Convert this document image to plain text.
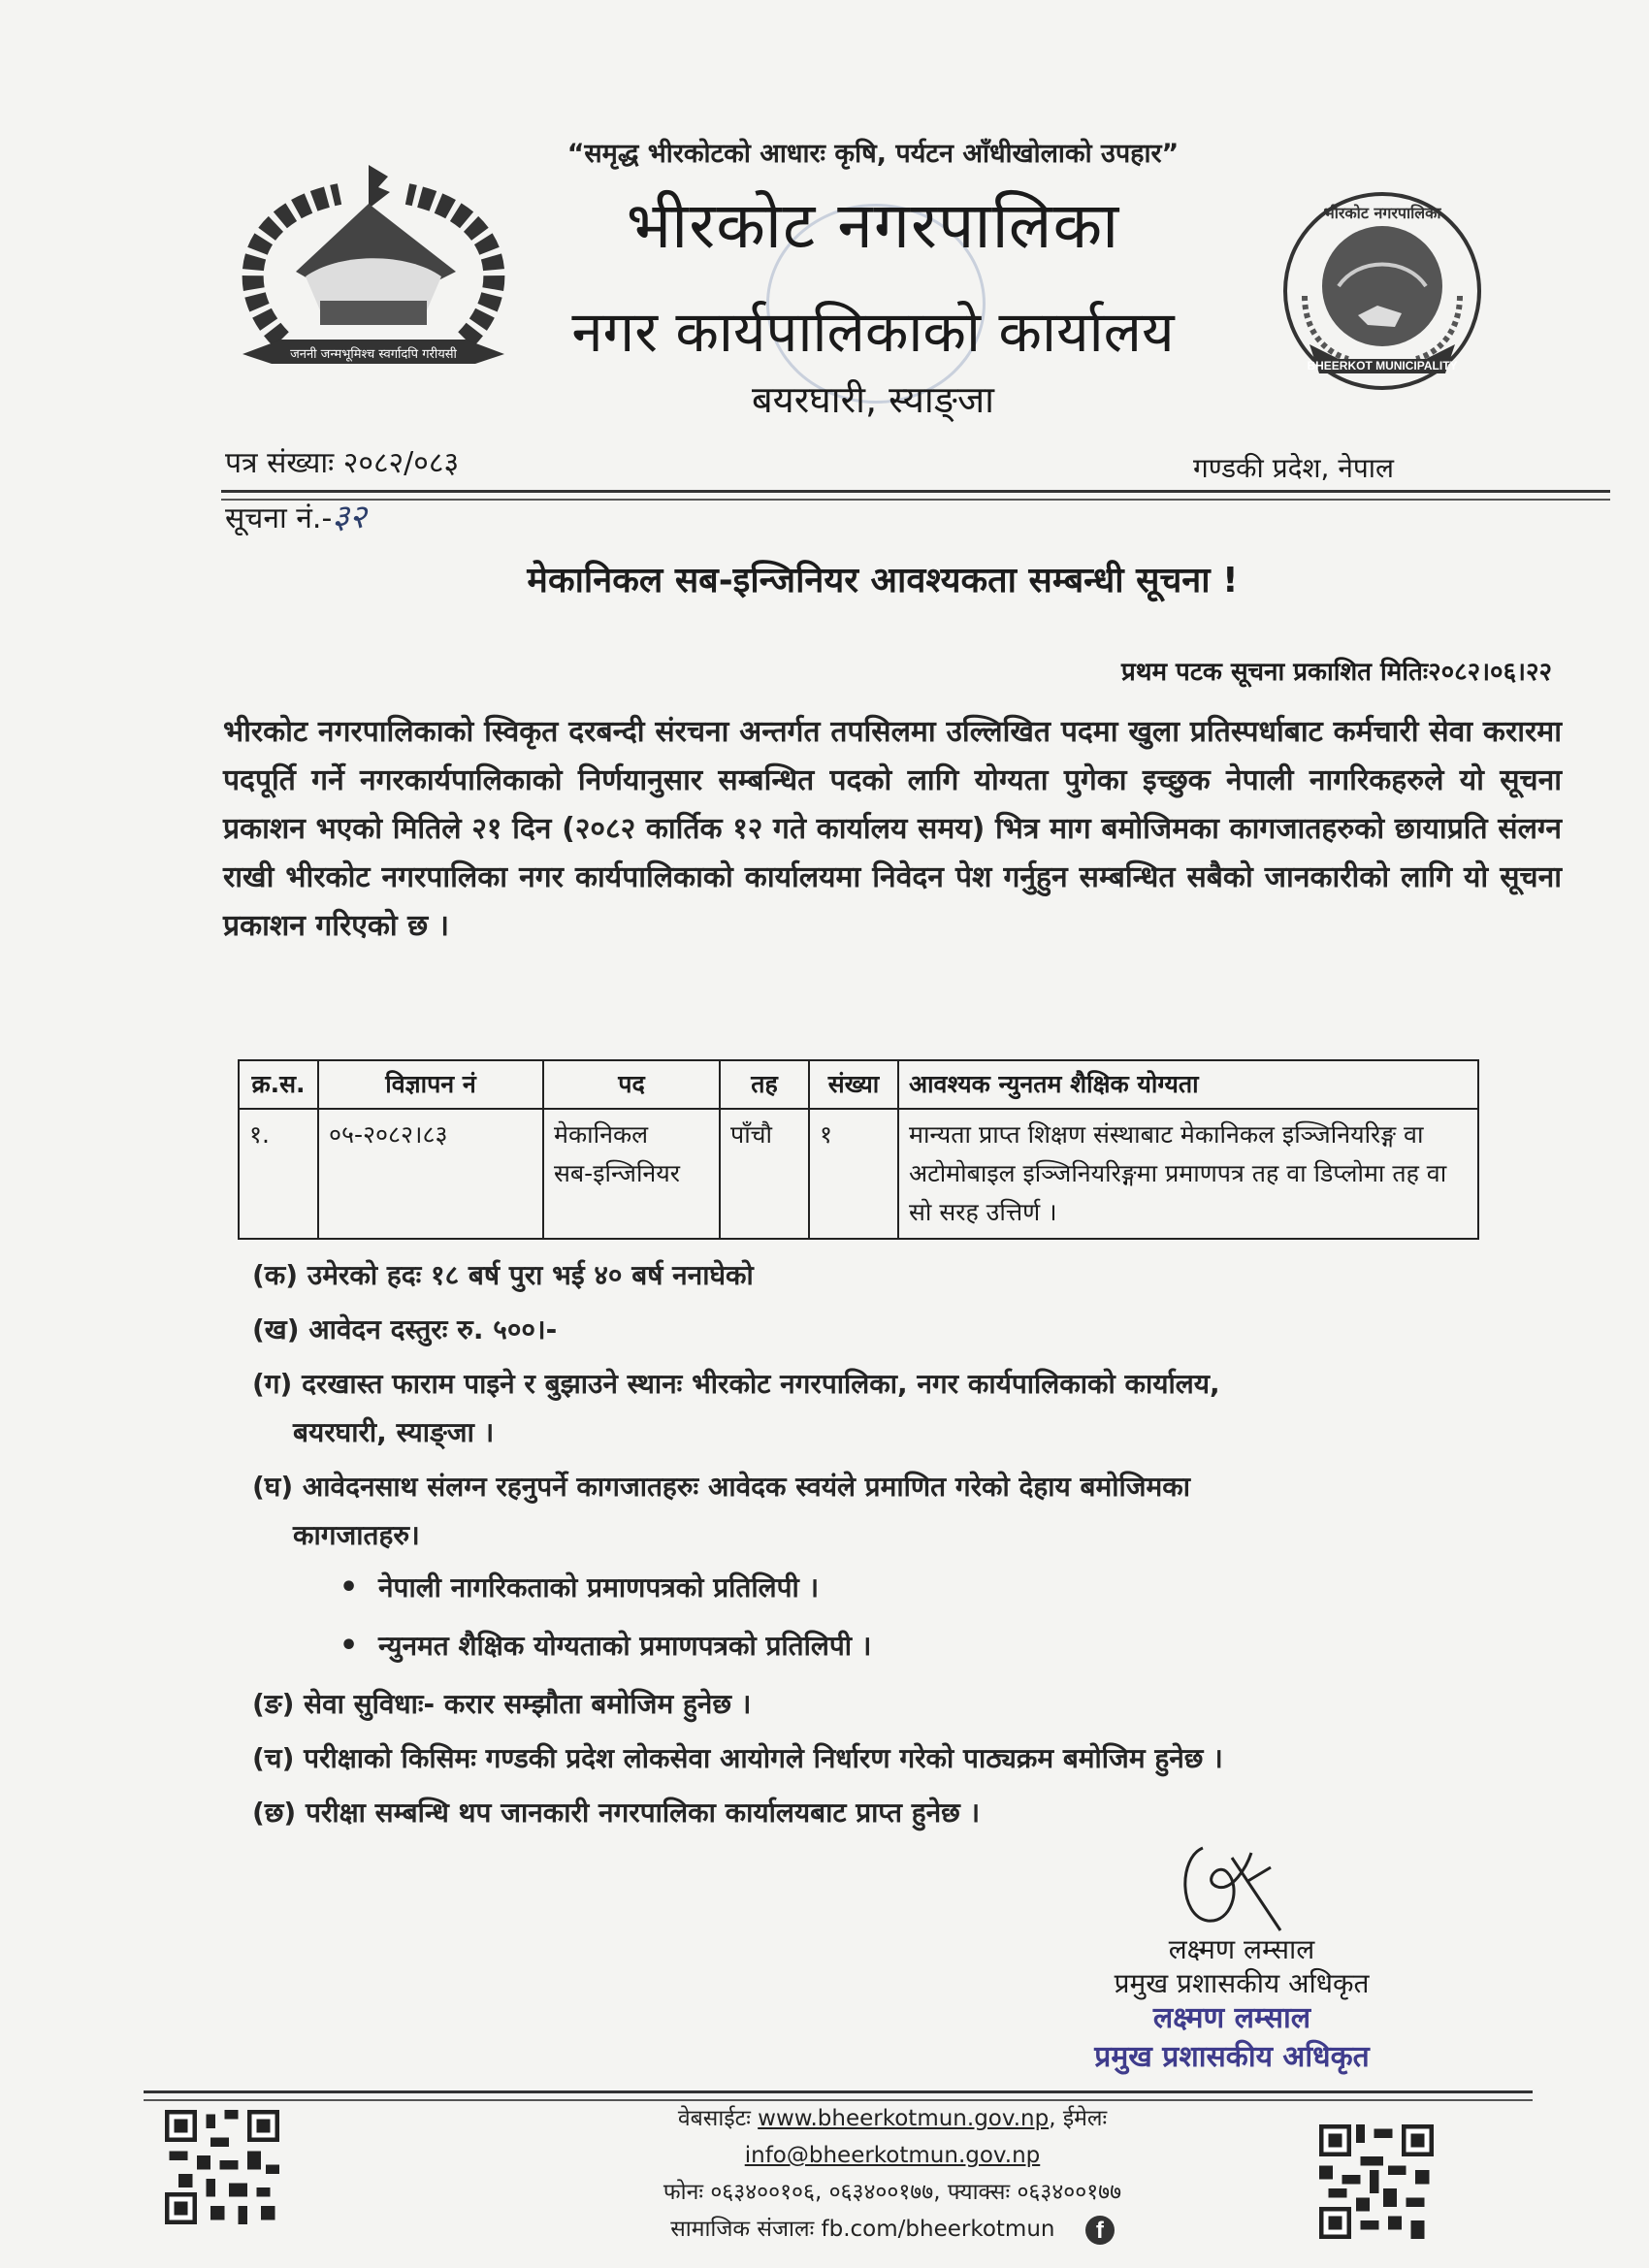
जननी जन्मभूमिश्च स्वर्गादपि गरीयसी
“समृद्ध भीरकोटको आधारः कृषि, पर्यटन आँधीखोलाको उपहार”
भीरकोट नगरपालिका
नगर कार्यपालिकाको कार्यालय
बयरघारी, स्याङ्जा
BHEERKOT MUNICIPALITY
भीरकोट नगरपालिका
पत्र संख्याः २०८२/०८३	गण्डकी प्रदेश, नेपाल
सूचना नं.-३२
मेकानिकल सब-इन्जिनियर आवश्यकता सम्बन्धी सूचना !
प्रथम पटक सूचना प्रकाशित मितिः२०८२।०६।२२
भीरकोट नगरपालिकाको स्विकृत दरबन्दी संरचना अन्तर्गत तपसिलमा उल्लिखित पदमा खुला प्रतिस्पर्धाबाट कर्मचारी सेवा करारमा पदपूर्ति गर्ने नगरकार्यपालिकाको निर्णयानुसार सम्बन्धित पदको लागि योग्यता पुगेका इच्छुक नेपाली नागरिकहरुले यो सूचना प्रकाशन भएको मितिले २१ दिन (२०८२ कार्तिक १२ गते कार्यालय समय) भित्र माग बमोजिमका कागजातहरुको छायाप्रति संलग्न राखी भीरकोट नगरपालिका नगर कार्यपालिकाको कार्यालयमा निवेदन पेश गर्नुहुन सम्बन्धित सबैको जानकारीको लागि यो सूचना प्रकाशन गरिएको छ ।
क्र.स.	विज्ञापन नं	पद	तह	संख्या	आवश्यक न्युनतम शैक्षिक योग्यता
१.	०५-२०८२।८३	मेकानिकल
सब-इन्जिनियर	पाँचौ	१	मान्यता प्राप्त शिक्षण संस्थाबाट मेकानिकल इञ्जिनियरिङ्ग वा अटोमोबाइल इञ्जिनियरिङ्गमा प्रमाणपत्र तह वा डिप्लोमा तह वा सो सरह उत्तिर्ण ।
(क) उमेरको हदः १८ बर्ष पुरा भई ४० बर्ष ननाघेको
(ख) आवेदन दस्तुरः रु. ५००।-
(ग) दरखास्त फाराम पाइने र बुझाउने स्थानः भीरकोट नगरपालिका, नगर कार्यपालिकाको कार्यालय,
बयरघारी, स्याङ्जा ।
(घ) आवेदनसाथ संलग्न रहनुपर्ने कागजातहरुः आवेदक स्वयंले प्रमाणित गरेको देहाय बमोजिमका
कागजातहरु।
• नेपाली नागरिकताको प्रमाणपत्रको प्रतिलिपी ।
• न्युनमत शैक्षिक योग्यताको प्रमाणपत्रको प्रतिलिपी ।
(ङ) सेवा सुविधाः- करार सम्झौता बमोजिम हुनेछ ।
(च) परीक्षाको किसिमः गण्डकी प्रदेश लोकसेवा आयोगले निर्धारण गरेको पाठ्यक्रम बमोजिम हुनेछ ।
(छ) परीक्षा सम्बन्धि थप जानकारी नगरपालिका कार्यालयबाट प्राप्त हुनेछ ।
लक्ष्मण लम्साल
प्रमुख प्रशासकीय अधिकृत
लक्ष्मण लम्साल
प्रमुख प्रशासकीय अधिकृत
वेबसाईटः www.bheerkotmun.gov.np, ईमेलः info@bheerkotmun.gov.np
फोनः ०६३४००१०६, ०६३४००१७७, फ्याक्सः ०६३४००१७७
सामाजिक संजालः fb.com/bheerkotmun f
